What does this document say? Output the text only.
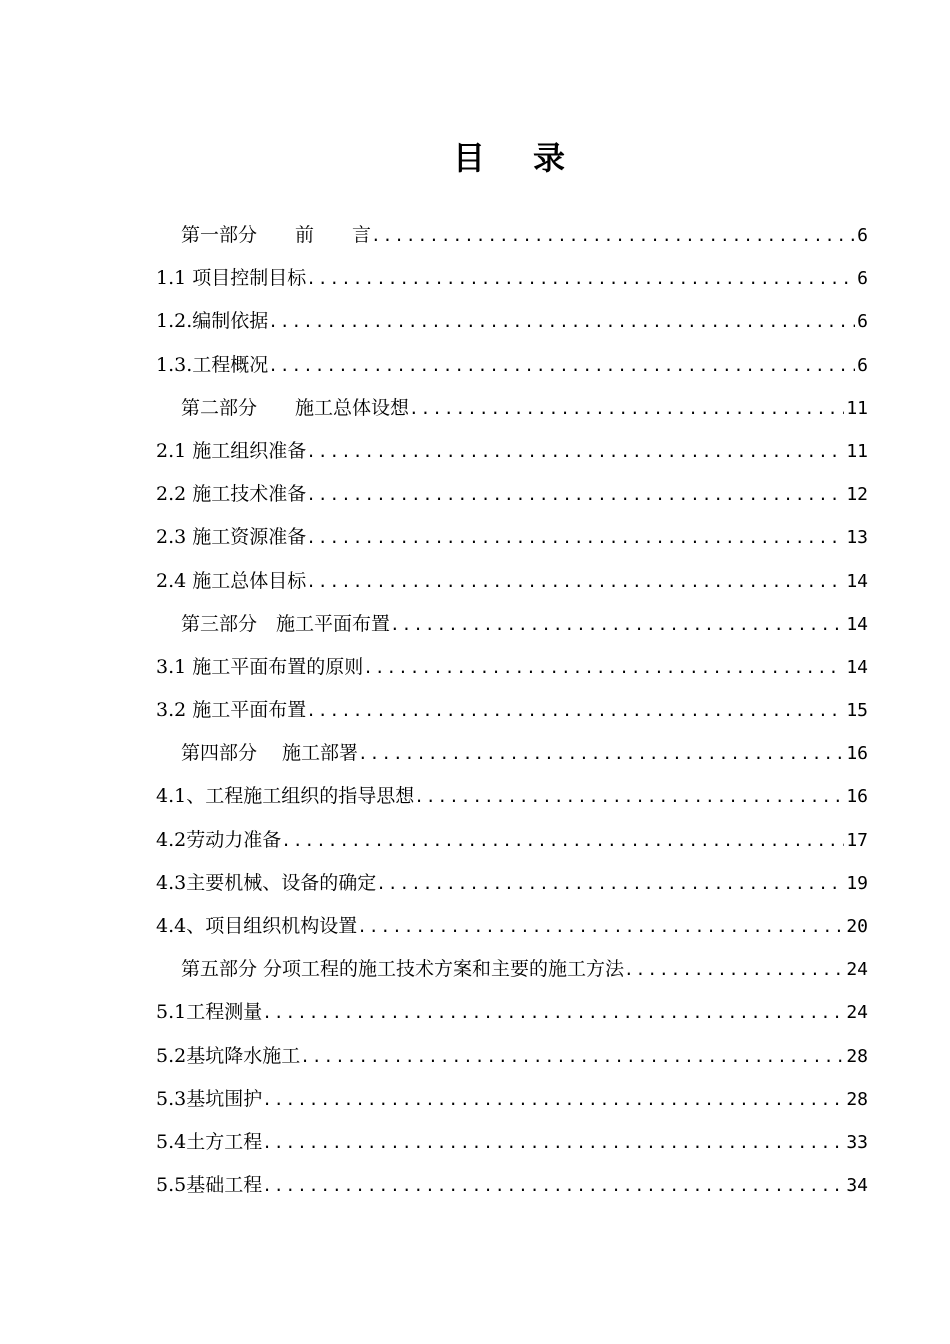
目录
第一部分　　前　　言 .....	6
1.1 项目控制目标 .....	6
1.2.编制依据 .....	6
1.3.工程概况 .....	6
第二部分　　施工总体设想 .....	11
2.1 施工组织准备 .....	11
2.2 施工技术准备 .....	12
2.3 施工资源准备 .....	13
2.4 施工总体目标 .....	14
第三部分　施工平面布置 .....	14
3.1 施工平面布置的原则 .....	14
3.2 施工平面布置 .....	15
第四部分　 施工部署 .....	16
4.1、工程施工组织的指导思想 .....	16
4.2劳动力准备 .....	17
4.3主要机械、设备的确定 .....	19
4.4、项目组织机构设置 .....	20
第五部分 分项工程的施工技术方案和主要的施工方法 .....	24
5.1工程测量 .....	24
5.2基坑降水施工 .....	28
5.3基坑围护 .....	28
5.4土方工程 .....	33
5.5基础工程 .....	34
